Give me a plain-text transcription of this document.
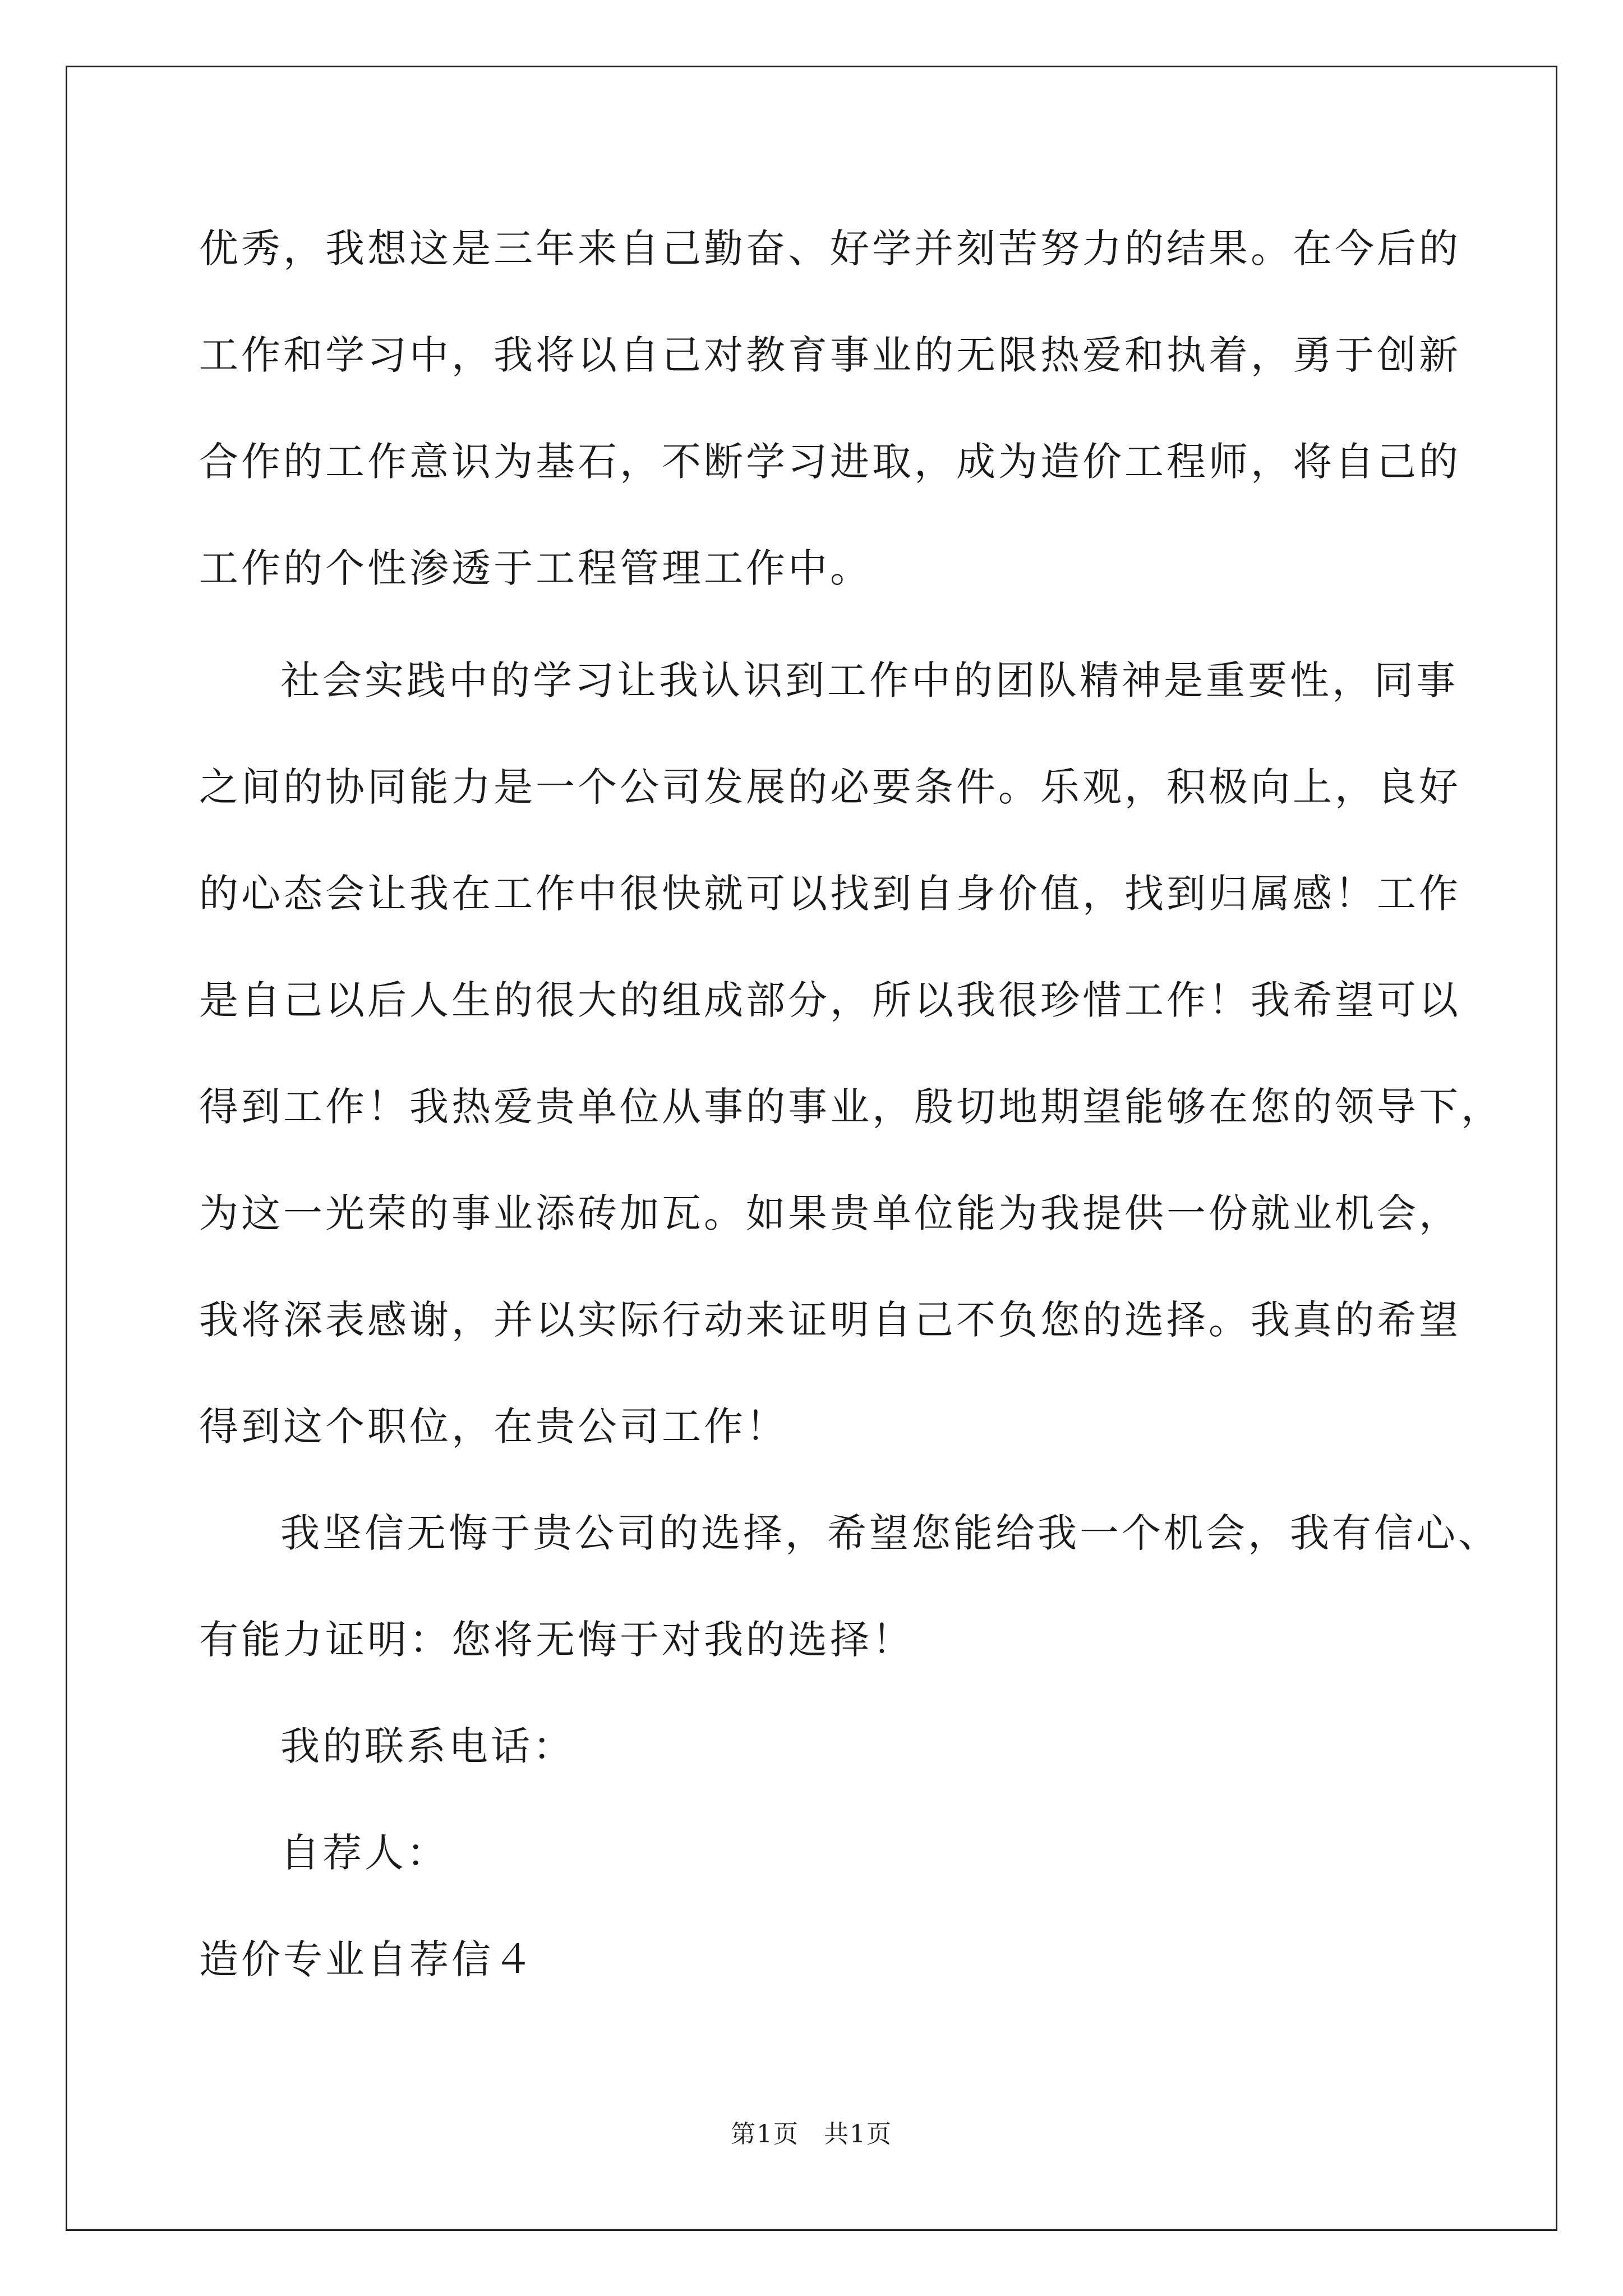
优秀，我想这是三年来自己勤奋、好学并刻苦努力的结果。在今后的
工作和学习中，我将以自己对教育事业的无限热爱和执着，勇于创新
合作的工作意识为基石，不断学习进取，成为造价工程师，将自己的
工作的个性渗透于工程管理工作中。
社会实践中的学习让我认识到工作中的团队精神是重要性，同事
之间的协同能力是一个公司发展的必要条件。乐观，积极向上，良好
的心态会让我在工作中很快就可以找到自身价值，找到归属感！工作
是自己以后人生的很大的组成部分，所以我很珍惜工作！我希望可以
得到工作！我热爱贵单位从事的事业，殷切地期望能够在您的领导下，
为这一光荣的事业添砖加瓦。如果贵单位能为我提供一份就业机会，
我将深表感谢，并以实际行动来证明自己不负您的选择。我真的希望
得到这个职位，在贵公司工作！
我坚信无悔于贵公司的选择，希望您能给我一个机会，我有信心、
有能力证明：您将无悔于对我的选择！
我的联系电话：
自荐人：
造价专业自荐信４
第1页 共1页
